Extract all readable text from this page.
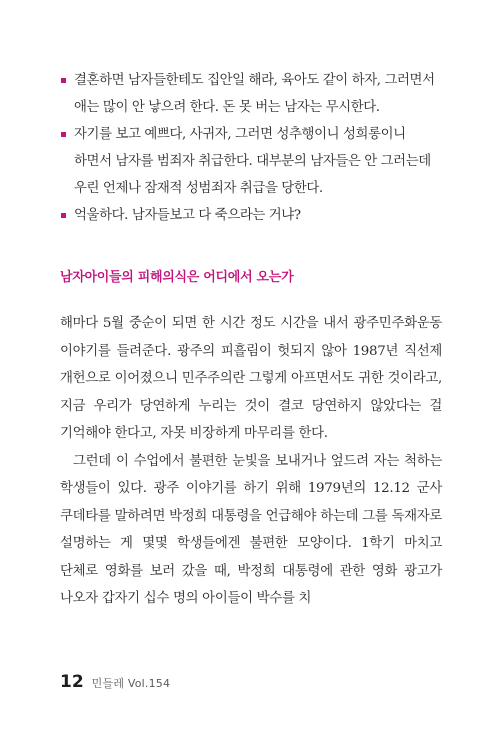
결혼하면 남자들한테도 집안일 해라, 육아도 같이 하자, 그러면서 애는 많이 안 낳으려 한다. 돈 못 버는 남자는 무시한다.
자기를 보고 예쁘다, 사귀자, 그러면 성추행이니 성희롱이니 하면서 남자를 범죄자 취급한다. 대부분의 남자들은 안 그러는데 우린 언제나 잠재적 성범죄자 취급을 당한다.
억울하다. 남자들보고 다 죽으라는 거냐?
남자아이들의 피해의식은 어디에서 오는가

해마다 5월 중순이 되면 한 시간 정도 시간을 내서 광주민주화운동 이야기를 들려준다. 광주의 피흘림이 헛되지 않아 1987년 직선제 개헌으로 이어졌으니 민주주의란 그렇게 아프면서도 귀한 것이라고, 지금 우리가 당연하게 누리는 것이 결코 당연하지 않았다는 걸 기억해야 한다고, 자못 비장하게 마무리를 한다.

그런데 이 수업에서 불편한 눈빛을 보내거나 엎드려 자는 척하는 학생들이 있다. 광주 이야기를 하기 위해 1979년의 12.12 군사 쿠데타를 말하려면 박정희 대통령을 언급해야 하는데 그를 독재자로 설명하는 게 몇몇 학생들에겐 불편한 모양이다. 1학기 마치고 단체로 영화를 보러 갔을 때, 박정희 대통령에 관한 영화 광고가 나오자 갑자기 십수 명의 아이들이 박수를 치

12 민들레 Vol.154
